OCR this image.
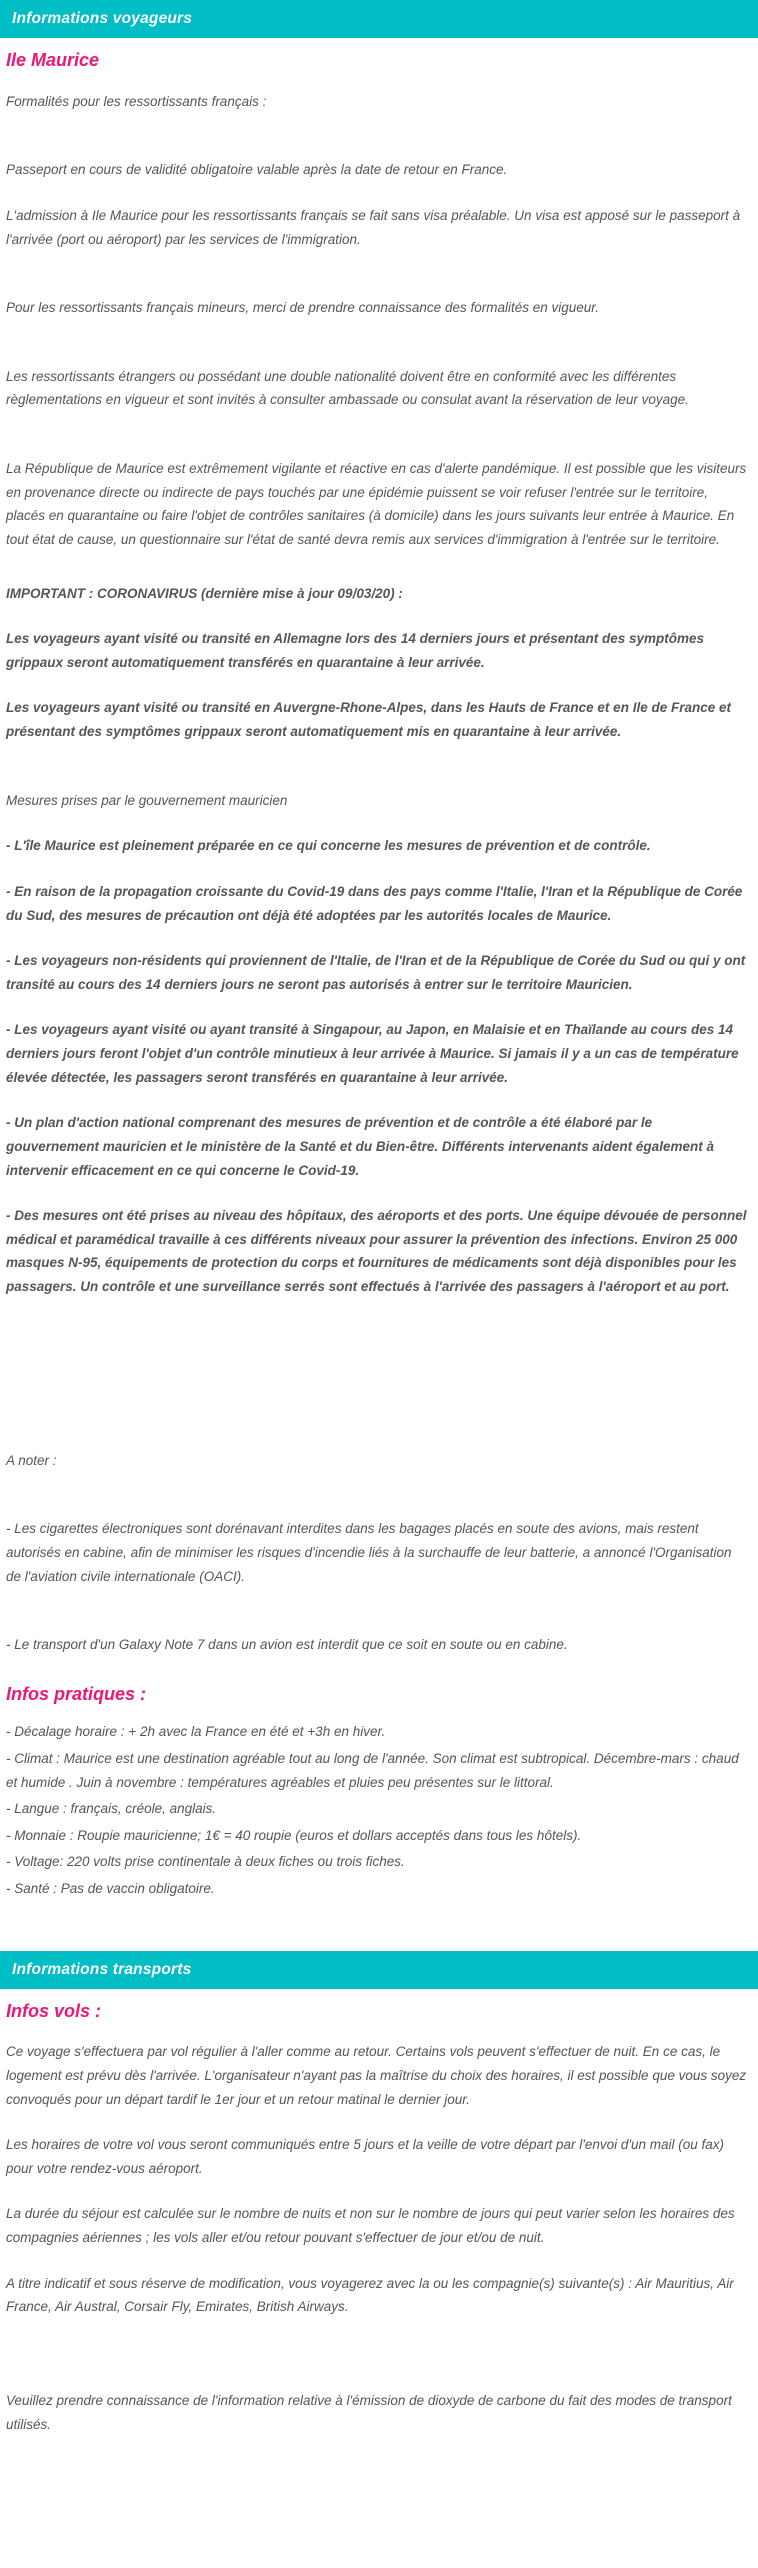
Informations voyageurs
Ile Maurice

Formalités pour les ressortissants français :

Passeport en cours de validité obligatoire valable après la date de retour en France.

L'admission à Ile Maurice pour les ressortissants français se fait sans visa préalable. Un visa est apposé sur le passeport à l'arrivée (port ou aéroport) par les services de l'immigration.

Pour les ressortissants français mineurs, merci de prendre connaissance des formalités en vigueur.

Les ressortissants étrangers ou possédant une double nationalité doivent être en conformité avec les différentes règlementations en vigueur et sont invités à consulter ambassade ou consulat avant la réservation de leur voyage.

La République de Maurice est extrêmement vigilante et réactive en cas d'alerte pandémique. Il est possible que les visiteurs en provenance directe ou indirecte de pays touchés par une épidémie puissent se voir refuser l'entrée sur le territoire, placés en quarantaine ou faire l'objet de contrôles sanitaires (à domicile) dans les jours suivants leur entrée à Maurice. En tout état de cause, un questionnaire sur l'état de santé devra remis aux services d'immigration à l'entrée sur le territoire.

IMPORTANT : CORONAVIRUS (dernière mise à jour 09/03/20) :

Les voyageurs ayant visité ou transité en Allemagne lors des 14 derniers jours et présentant des symptômes grippaux seront automatiquement transférés en quarantaine à leur arrivée.

Les voyageurs ayant visité ou transité en Auvergne-Rhone-Alpes, dans les Hauts de France et en Ile de France et présentant des symptômes grippaux seront automatiquement mis en quarantaine à leur arrivée.

Mesures prises par le gouvernement mauricien

- L'île Maurice est pleinement préparée en ce qui concerne les mesures de prévention et de contrôle.

- En raison de la propagation croissante du Covid-19 dans des pays comme l'Italie, l'Iran et la République de Corée du Sud, des mesures de précaution ont déjà été adoptées par les autorités locales de Maurice.

- Les voyageurs non-résidents qui proviennent de l'Italie, de l'Iran et de la République de Corée du Sud ou qui y ont transité au cours des 14 derniers jours ne seront pas autorisés à entrer sur le territoire Mauricien.

- Les voyageurs ayant visité ou ayant transité à Singapour, au Japon, en Malaisie et en Thaïlande au cours des 14 derniers jours feront l'objet d'un contrôle minutieux à leur arrivée à Maurice. Si jamais il y a un cas de température élevée détectée, les passagers seront transférés en quarantaine à leur arrivée.

- Un plan d'action national comprenant des mesures de prévention et de contrôle a été élaboré par le gouvernement mauricien et le ministère de la Santé et du Bien-être. Différents intervenants aident également à intervenir efficacement en ce qui concerne le Covid-19.

- Des mesures ont été prises au niveau des hôpitaux, des aéroports et des ports. Une équipe dévouée de personnel médical et paramédical travaille à ces différents niveaux pour assurer la prévention des infections. Environ 25 000 masques N-95, équipements de protection du corps et fournitures de médicaments sont déjà disponibles pour les passagers. Un contrôle et une surveillance serrés sont effectués à l'arrivée des passagers à l'aéroport et au port.

A noter :

- Les cigarettes électroniques sont dorénavant interdites dans les bagages placés en soute des avions, mais restent autorisés en cabine, afin de minimiser les risques d'incendie liés à la surchauffe de leur batterie, a annoncé l'Organisation de l'aviation civile internationale (OACI).

- Le transport d'un Galaxy Note 7 dans un avion est interdit que ce soit en soute ou en cabine.

Infos pratiques :

- Décalage horaire : + 2h avec la France en été et +3h en hiver.

- Climat : Maurice est une destination agréable tout au long de l'année. Son climat est subtropical. Décembre-mars : chaud et humide . Juin à novembre : températures agréables et pluies peu présentes sur le littoral.

- Langue : français, créole, anglais.

- Monnaie : Roupie mauricienne; 1€ = 40 roupie (euros et dollars acceptés dans tous les hôtels).

- Voltage: 220 volts prise continentale à deux fiches ou trois fiches.

- Santé : Pas de vaccin obligatoire.

Informations transports
Infos vols :

Ce voyage s'effectuera par vol régulier à l'aller comme au retour. Certains vols peuvent s'effectuer de nuit. En ce cas, le logement est prévu dès l'arrivée. L'organisateur n'ayant pas la maîtrise du choix des horaires, il est possible que vous soyez convoqués pour un départ tardif le 1er jour et un retour matinal le dernier jour.

Les horaires de votre vol vous seront communiqués entre 5 jours et la veille de votre départ par l'envoi d'un mail (ou fax) pour votre rendez-vous aéroport.

La durée du séjour est calculée sur le nombre de nuits et non sur le nombre de jours qui peut varier selon les horaires des compagnies aériennes ; les vols aller et/ou retour pouvant s'effectuer de jour et/ou de nuit.

A titre indicatif et sous réserve de modification, vous voyagerez avec la ou les compagnie(s) suivante(s) : Air Mauritius, Air France, Air Austral, Corsair Fly, Emirates, British Airways.

Veuillez prendre connaissance de l'information relative à l'émission de dioxyde de carbone du fait des modes de transport utilisés.
